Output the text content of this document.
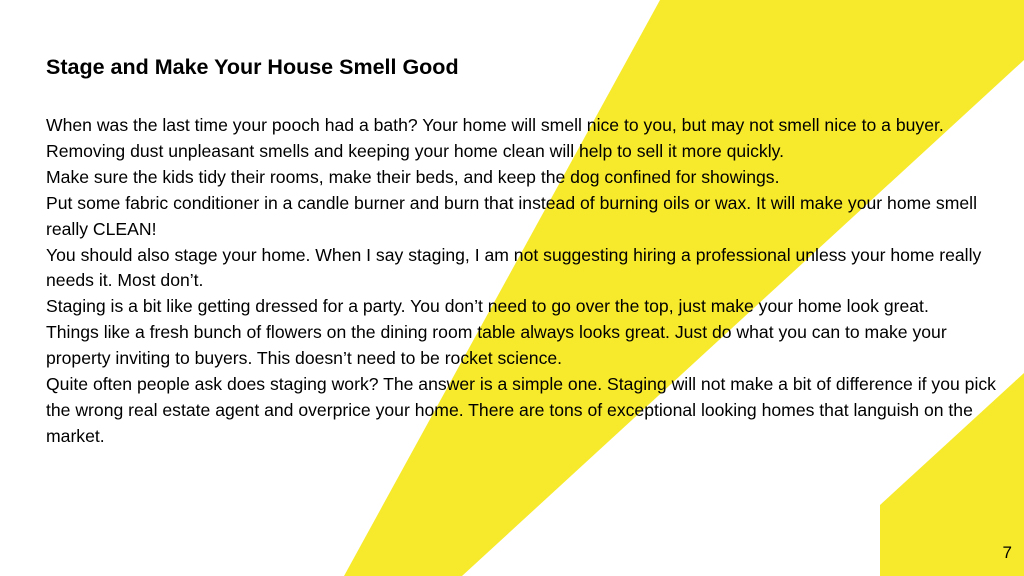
Stage and Make Your House Smell Good

When was the last time your pooch had a bath? Your home will smell nice to you, but may not smell nice to a buyer. Removing dust unpleasant smells and keeping your home clean will help to sell it more quickly.

Make sure the kids tidy their rooms, make their beds, and keep the dog confined for showings.

Put some fabric conditioner in a candle burner and burn that instead of burning oils or wax. It will make your home smell really CLEAN!

You should also stage your home. When I say staging, I am not suggesting hiring a professional unless your home really needs it. Most don’t.

Staging is a bit like getting dressed for a party. You don’t need to go over the top, just make your home look great.

Things like a fresh bunch of flowers on the dining room table always looks great. Just do what you can to make your property inviting to buyers. This doesn’t need to be rocket science.

Quite often people ask does staging work? The answer is a simple one. Staging will not make a bit of difference if you pick the wrong real estate agent and overprice your home. There are tons of exceptional looking homes that languish on the market.

7
